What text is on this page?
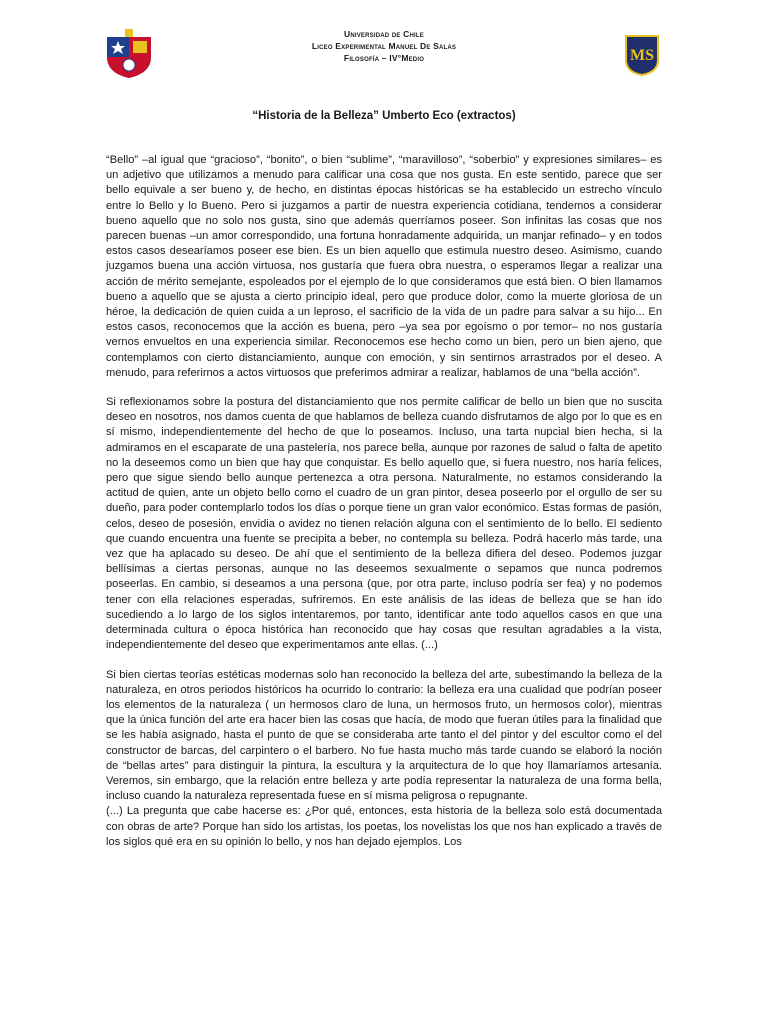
MS
Universidad de Chile
Liceo Experimental Manuel De Salas
Filosofía – IV°Medio
“Historia de la Belleza” Umberto Eco (extractos)

“Bello” –al igual que “gracioso”, “bonito”, o bien “sublime”, “maravilloso”, “soberbio” y expresiones similares– es un adjetivo que utilizamos a menudo para calificar una cosa que nos gusta. En este sentido, parece que ser bello equivale a ser bueno y, de hecho, en distintas épocas históricas se ha establecido un estrecho vínculo entre lo Bello y lo Bueno. Pero si juzgamos a partir de nuestra experiencia cotidiana, tendemos a considerar bueno aquello que no solo nos gusta, sino que además querríamos poseer. Son infinitas las cosas que nos parecen buenas –un amor correspondido, una fortuna honradamente adquirida, un manjar refinado– y en todos estos casos desearíamos poseer ese bien. Es un bien aquello que estimula nuestro deseo. Asimismo, cuando juzgamos buena una acción virtuosa, nos gustaría que fuera obra nuestra, o esperamos llegar a realizar una acción de mérito semejante, espoleados por el ejemplo de lo que consideramos que está bien. O bien llamamos bueno a aquello que se ajusta a cierto principio ideal, pero que produce dolor, como la muerte gloriosa de un héroe, la dedicación de quien cuida a un leproso, el sacrificio de la vida de un padre para salvar a su hijo... En estos casos, reconocemos que la acción es buena, pero –ya sea por egoísmo o por temor– no nos gustaría vernos envueltos en una experiencia similar. Reconocemos ese hecho como un bien, pero un bien ajeno, que contemplamos con cierto distanciamiento, aunque con emoción, y sin sentirnos arrastrados por el deseo. A menudo, para referirnos a actos virtuosos que preferimos admirar a realizar, hablamos de una “bella acción”.

Si reflexionamos sobre la postura del distanciamiento que nos permite calificar de bello un bien que no suscita deseo en nosotros, nos damos cuenta de que hablamos de belleza cuando disfrutamos de algo por lo que es en sí mismo, independientemente del hecho de que lo poseamos. Incluso, una tarta nupcial bien hecha, si la admiramos en el escaparate de una pastelería, nos parece bella, aunque por razones de salud o falta de apetito no la deseemos como un bien que hay que conquistar. Es bello aquello que, si fuera nuestro, nos haría felices, pero que sigue siendo bello aunque pertenezca a otra persona. Naturalmente, no estamos considerando la actitud de quien, ante un objeto bello como el cuadro de un gran pintor, desea poseerlo por el orgullo de ser su dueño, para poder contemplarlo todos los días o porque tiene un gran valor económico. Estas formas de pasión, celos, deseo de posesión, envidia o avidez no tienen relación alguna con el sentimiento de lo bello. El sediento que cuando encuentra una fuente se precipita a beber, no contempla su belleza. Podrá hacerlo más tarde, una vez que ha aplacado su deseo. De ahí que el sentimiento de la belleza difiera del deseo. Podemos juzgar bellísimas a ciertas personas, aunque no las deseemos sexualmente o sepamos que nunca podremos poseerlas. En cambio, si deseamos a una persona (que, por otra parte, incluso podría ser fea) y no podemos tener con ella relaciones esperadas, sufriremos. En este análisis de las ideas de belleza que se han ido sucediendo a lo largo de los siglos intentaremos, por tanto, identificar ante todo aquellos casos en que una determinada cultura o época histórica han reconocido que hay cosas que resultan agradables a la vista, independientemente del deseo que experimentamos ante ellas. (...)

Si bien ciertas teorías estéticas modernas solo han reconocido la belleza del arte, subestimando la belleza de la naturaleza, en otros periodos históricos ha ocurrido lo contrario: la belleza era una cualidad que podrían poseer los elementos de la naturaleza ( un hermosos claro de luna, un hermosos fruto, un hermosos color), mientras que la única función del arte era hacer bien las cosas que hacía, de modo que fueran útiles para la finalidad que se les había asignado, hasta el punto de que se consideraba arte tanto el del pintor y del escultor como el del constructor de barcas, del carpintero o el barbero. No fue hasta mucho más tarde cuando se elaboró la noción de “bellas artes” para distinguir la pintura, la escultura y la arquitectura de lo que hoy llamaríamos artesanía. Veremos, sin embargo, que la relación entre belleza y arte podía representar la naturaleza de una forma bella, incluso cuando la naturaleza representada fuese en sí misma peligrosa o repugnante.

(...) La pregunta que cabe hacerse es: ¿Por qué, entonces, esta historia de la belleza solo está documentada con obras de arte? Porque han sido los artistas, los poetas, los novelistas los que nos han explicado a través de los siglos qué era en su opinión lo bello, y nos han dejado ejemplos. Los
